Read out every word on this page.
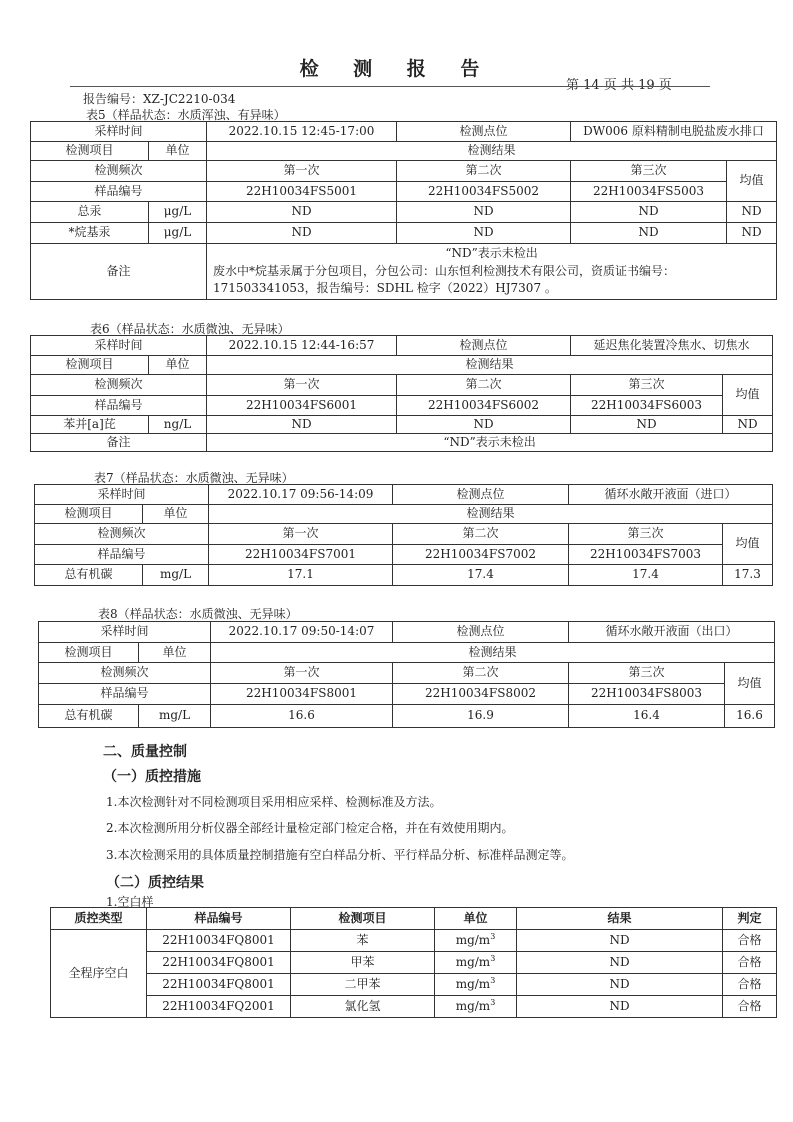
检 测 报 告
第 14 页 共 19 页
报告编号：XZ-JC2210-034
表5（样品状态：水质浑浊、有异味）
采样时间		2022.10.15 12:45-17:00	检测点位	DW006 原料精制电脱盐废水排口	
检测项目	单位	检测结果			
检测频次		第一次	第二次	第三次	均值
样品编号		22H10034FS5001	22H10034FS5002	22H10034FS5003	
总汞	μg/L	ND	ND	ND	ND
*烷基汞	μg/L	ND	ND	ND	ND
备注		“ND”表示未检出
废水中*烷基汞属于分包项目，分包公司：山东恒利检测技术有限公司，资质证书编号：171503341053，报告编号：SDHL 检字（2022）HJ7307 。			
表6（样品状态：水质微浊、无异味）
采样时间		2022.10.15 12:44-16:57	检测点位	延迟焦化装置冷焦水、切焦水	
检测项目	单位	检测结果			
检测频次		第一次	第二次	第三次	均值
样品编号		22H10034FS6001	22H10034FS6002	22H10034FS6003	
苯并[a]芘	ng/L	ND	ND	ND	ND
备注		“ND”表示未检出			
表7（样品状态：水质微浊、无异味）
采样时间		2022.10.17 09:56-14:09	检测点位	循环水敞开液面（进口）	
检测项目	单位	检测结果			
检测频次		第一次	第二次	第三次	均值
样品编号		22H10034FS7001	22H10034FS7002	22H10034FS7003	
总有机碳	mg/L	17.1	17.4	17.4	17.3
表8（样品状态：水质微浊、无异味）
采样时间		2022.10.17 09:50-14:07	检测点位	循环水敞开液面（出口）	
检测项目	单位	检测结果			
检测频次		第一次	第二次	第三次	均值
样品编号		22H10034FS8001	22H10034FS8002	22H10034FS8003	
总有机碳	mg/L	16.6	16.9	16.4	16.6
二、质量控制
（一）质控措施
1.本次检测针对不同检测项目采用相应采样、检测标准及方法。
2.本次检测所用分析仪器全部经计量检定部门检定合格，并在有效使用期内。
3.本次检测采用的具体质量控制措施有空白样品分析、平行样品分析、标准样品测定等。
（二）质控结果
1.空白样
质控类型	样品编号	检测项目	单位	结果	判定
全程序空白	22H10034FQ8001	苯	$mg/m^3$	ND	合格
	22H10034FQ8001	甲苯	$mg/m^3$	ND	合格
	22H10034FQ8001	二甲苯	$mg/m^3$	ND	合格
	22H10034FQ2001	氯化氢	$mg/m^3$	ND	合格
